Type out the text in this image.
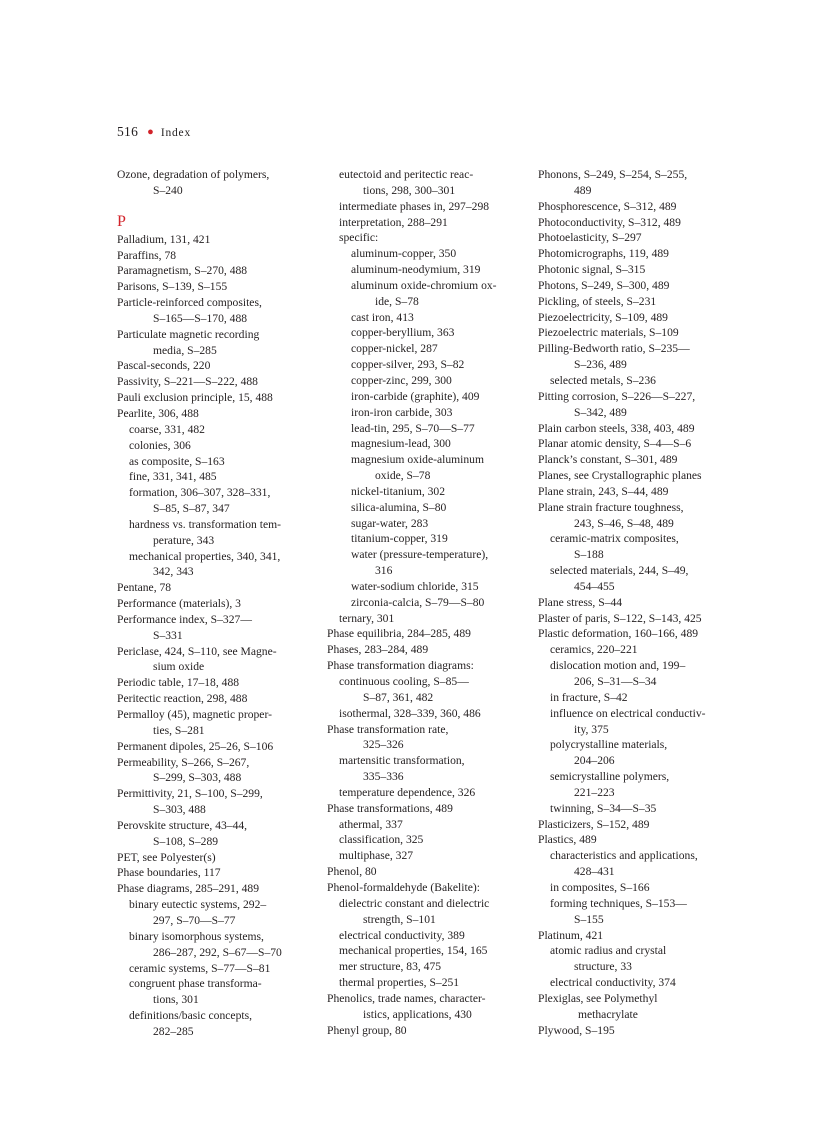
516 ● Index
Ozone, degradation of polymers,
S–240
P
Palladium, 131, 421
Paraffins, 78
Paramagnetism, S–270, 488
Parisons, S–139, S–155
Particle-reinforced composites,
S–165—S–170, 488
Particulate magnetic recording
media, S–285
Pascal-seconds, 220
Passivity, S–221—S–222, 488
Pauli exclusion principle, 15, 488
Pearlite, 306, 488
coarse, 331, 482
colonies, 306
as composite, S–163
fine, 331, 341, 485
formation, 306–307, 328–331,
S–85, S–87, 347
hardness vs. transformation tem-
perature, 343
mechanical properties, 340, 341,
342, 343
Pentane, 78
Performance (materials), 3
Performance index, S–327—
S–331
Periclase, 424, S–110, see Magne-
sium oxide
Periodic table, 17–18, 488
Peritectic reaction, 298, 488
Permalloy (45), magnetic proper-
ties, S–281
Permanent dipoles, 25–26, S–106
Permeability, S–266, S–267,
S–299, S–303, 488
Permittivity, 21, S–100, S–299,
S–303, 488
Perovskite structure, 43–44,
S–108, S–289
PET, see Polyester(s)
Phase boundaries, 117
Phase diagrams, 285–291, 489
binary eutectic systems, 292–
297, S–70—S–77
binary isomorphous systems,
286–287, 292, S–67—S–70
ceramic systems, S–77—S–81
congruent phase transforma-
tions, 301
definitions/basic concepts,
282–285
eutectoid and peritectic reac-
tions, 298, 300–301
intermediate phases in, 297–298
interpretation, 288–291
specific:
aluminum-copper, 350
aluminum-neodymium, 319
aluminum oxide-chromium ox-
ide, S–78
cast iron, 413
copper-beryllium, 363
copper-nickel, 287
copper-silver, 293, S–82
copper-zinc, 299, 300
iron-carbide (graphite), 409
iron-iron carbide, 303
lead-tin, 295, S–70—S–77
magnesium-lead, 300
magnesium oxide-aluminum
oxide, S–78
nickel-titanium, 302
silica-alumina, S–80
sugar-water, 283
titanium-copper, 319
water (pressure-temperature),
316
water-sodium chloride, 315
zirconia-calcia, S–79—S–80
ternary, 301
Phase equilibria, 284–285, 489
Phases, 283–284, 489
Phase transformation diagrams:
continuous cooling, S–85—
S–87, 361, 482
isothermal, 328–339, 360, 486
Phase transformation rate,
325–326
martensitic transformation,
335–336
temperature dependence, 326
Phase transformations, 489
athermal, 337
classification, 325
multiphase, 327
Phenol, 80
Phenol-formaldehyde (Bakelite):
dielectric constant and dielectric
strength, S–101
electrical conductivity, 389
mechanical properties, 154, 165
mer structure, 83, 475
thermal properties, S–251
Phenolics, trade names, character-
istics, applications, 430
Phenyl group, 80
Phonons, S–249, S–254, S–255,
489
Phosphorescence, S–312, 489
Photoconductivity, S–312, 489
Photoelasticity, S–297
Photomicrographs, 119, 489
Photonic signal, S–315
Photons, S–249, S–300, 489
Pickling, of steels, S–231
Piezoelectricity, S–109, 489
Piezoelectric materials, S–109
Pilling-Bedworth ratio, S–235—
S–236, 489
selected metals, S–236
Pitting corrosion, S–226—S–227,
S–342, 489
Plain carbon steels, 338, 403, 489
Planar atomic density, S–4—S–6
Planck’s constant, S–301, 489
Planes, see Crystallographic planes
Plane strain, 243, S–44, 489
Plane strain fracture toughness,
243, S–46, S–48, 489
ceramic-matrix composites,
S–188
selected materials, 244, S–49,
454–455
Plane stress, S–44
Plaster of paris, S–122, S–143, 425
Plastic deformation, 160–166, 489
ceramics, 220–221
dislocation motion and, 199–
206, S–31—S–34
in fracture, S–42
influence on electrical conductiv-
ity, 375
polycrystalline materials,
204–206
semicrystalline polymers,
221–223
twinning, S–34—S–35
Plasticizers, S–152, 489
Plastics, 489
characteristics and applications,
428–431
in composites, S–166
forming techniques, S–153—
S–155
Platinum, 421
atomic radius and crystal
structure, 33
electrical conductivity, 374
Plexiglas, see Polymethyl
methacrylate
Plywood, S–195
